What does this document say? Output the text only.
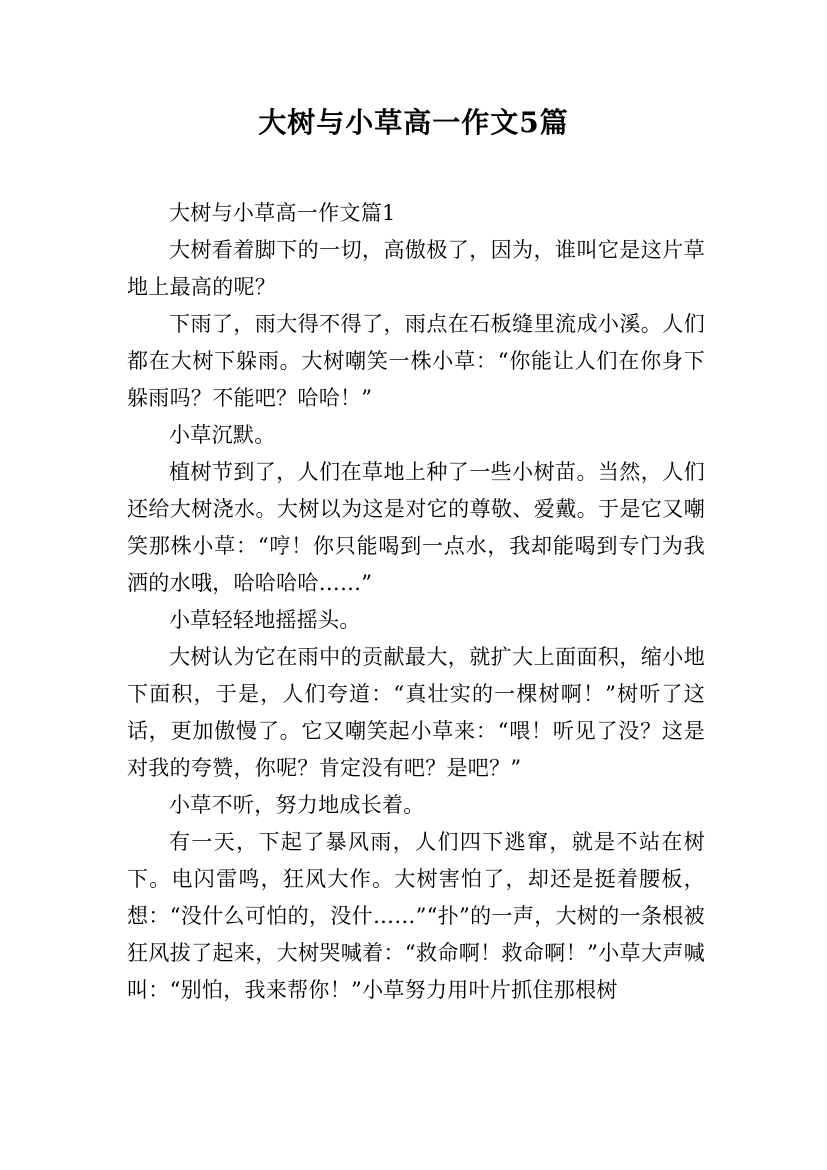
大树与小草高一作文5篇

大树与小草高一作文篇1

大树看着脚下的一切，高傲极了，因为，谁叫它是这片草地上最高的呢？

下雨了，雨大得不得了，雨点在石板缝里流成小溪。人们都在大树下躲雨。大树嘲笑一株小草：“你能让人们在你身下躲雨吗？不能吧？哈哈！”

小草沉默。

植树节到了，人们在草地上种了一些小树苗。当然，人们还给大树浇水。大树以为这是对它的尊敬、爱戴。于是它又嘲笑那株小草：“哼！你只能喝到一点水，我却能喝到专门为我洒的水哦，哈哈哈哈……”

小草轻轻地摇摇头。

大树认为它在雨中的贡献最大，就扩大上面面积，缩小地下面积，于是，人们夸道：“真壮实的一棵树啊！”树听了这话，更加傲慢了。它又嘲笑起小草来：“喂！听见了没？这是对我的夸赞，你呢？肯定没有吧？是吧？”

小草不听，努力地成长着。

有一天，下起了暴风雨，人们四下逃窜，就是不站在树下。电闪雷鸣，狂风大作。大树害怕了，却还是挺着腰板，想：“没什么可怕的，没什……”“扑”的一声，大树的一条根被狂风拔了起来，大树哭喊着：“救命啊！救命啊！”小草大声喊叫：“别怕，我来帮你！”小草努力用叶片抓住那根树
